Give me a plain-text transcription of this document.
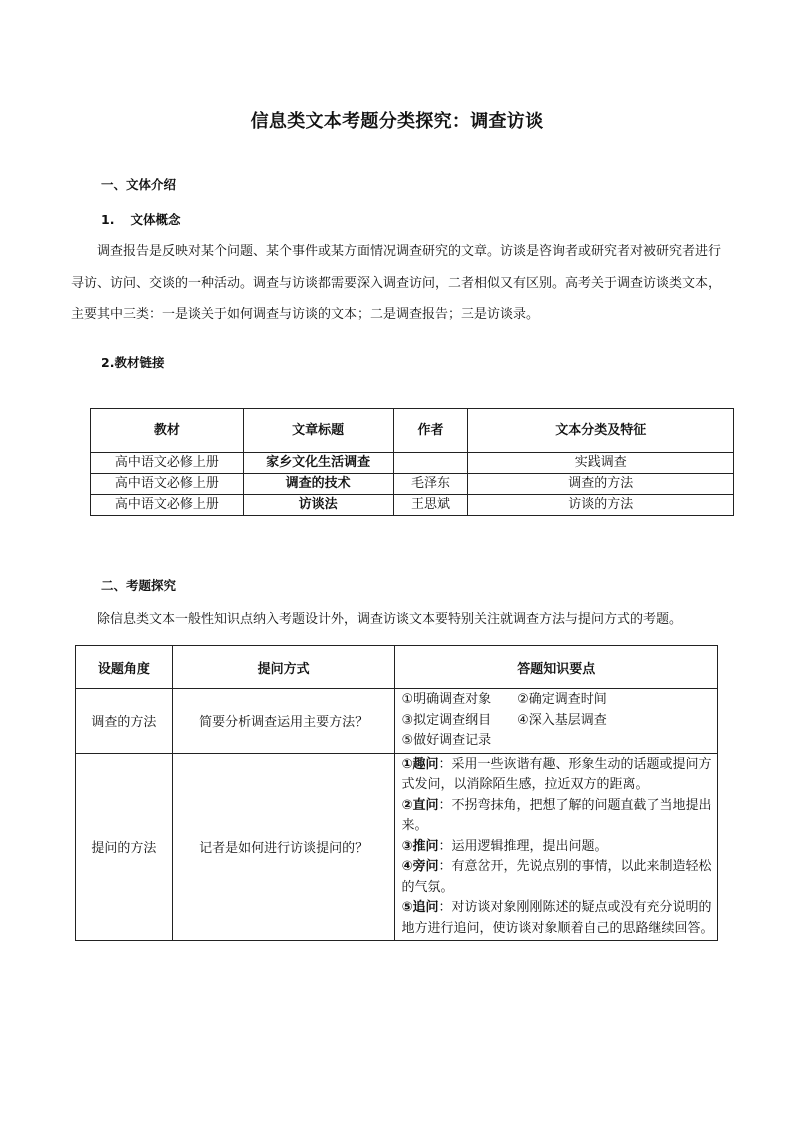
信息类文本考题分类探究：调查访谈
一、文体介绍
1. 文体概念

调查报告是反映对某个问题、某个事件或某方面情况调查研究的文章。访谈是咨询者或研究者对被研究者进行寻访、访问、交谈的一种活动。调查与访谈都需要深入调查访问，二者相似又有区别。高考关于调查访谈类文本，主要其中三类：一是谈关于如何调查与访谈的文本；二是调查报告；三是访谈录。

2.教材链接
教材	文章标题	作者	文本分类及特征
高中语文必修上册	家乡文化生活调查		实践调查
高中语文必修上册	调查的技术	毛泽东	调查的方法
高中语文必修上册	访谈法	王思斌	访谈的方法
二、考题探究

除信息类文本一般性知识点纳入考题设计外，调查访谈文本要特别关注就调查方法与提问方式的考题。

设题角度	提问方式	答题知识要点
调查的方法	简要分析调查运用主要方法？	①明确调查对象 ②确定调查时间
③拟定调查纲目 ④深入基层调查
⑤做好调查记录

提问的方法	记者是如何进行访谈提问的？	①趣问：采用一些诙谐有趣、形象生动的话题或提问方式发问，以消除陌生感，拉近双方的距离。
②直问：不拐弯抹角，把想了解的问题直截了当地提出来。
③推问：运用逻辑推理，提出问题。
④旁问：有意岔开，先说点别的事情，以此来制造轻松的气氛。
⑤追问：对访谈对象刚刚陈述的疑点或没有充分说明的地方进行追问，使访谈对象顺着自己的思路继续回答。
